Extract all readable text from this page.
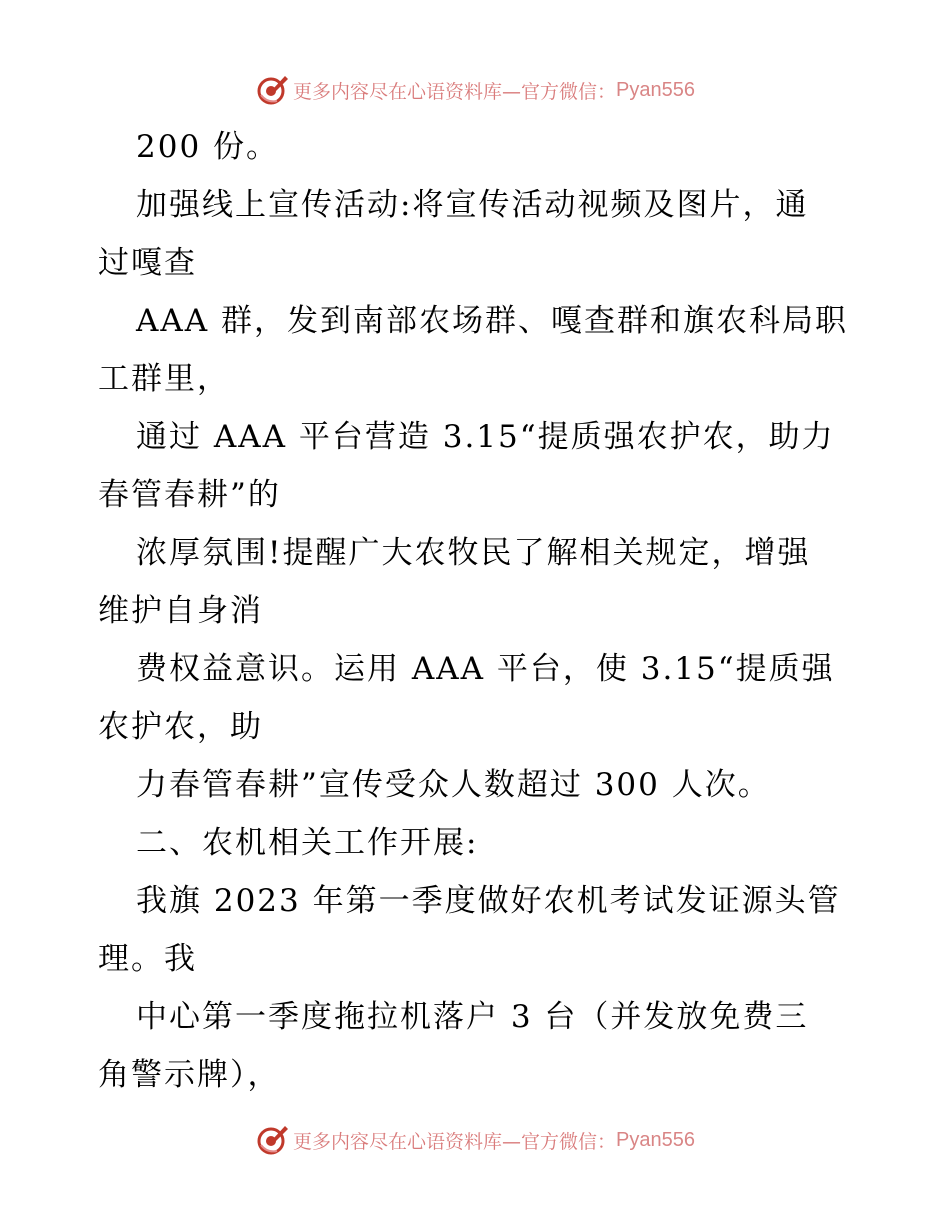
更多内容尽在心语资料库—官方微信： Pyan556
200 份。
加强线上宣传活动:将宣传活动视频及图片，通
过嘎查
AAA 群，发到南部农场群、嘎查群和旗农科局职
工群里，
通过 AAA 平台营造 3.15“提质强农护农，助力
春管春耕”的
浓厚氛围!提醒广大农牧民了解相关规定，增强
维护自身消
费权益意识。运用 AAA 平台，使 3.15“提质强
农护农，助
力春管春耕”宣传受众人数超过 300 人次。
二、农机相关工作开展:
我旗 2023 年第一季度做好农机考试发证源头管
理。我
中心第一季度拖拉机落户 3 台（并发放免费三
角警示牌），
更多内容尽在心语资料库—官方微信： Pyan556
